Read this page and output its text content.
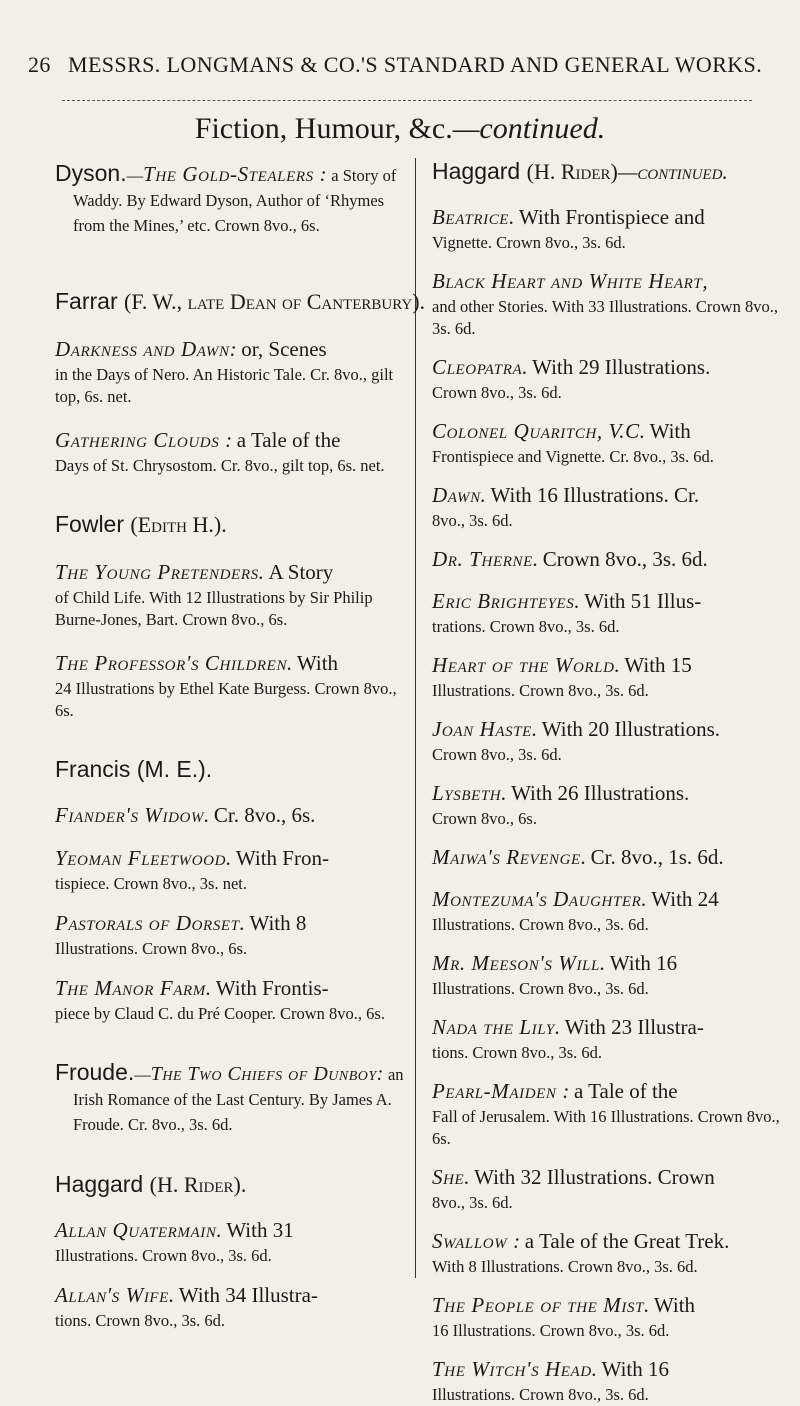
26 MESSRS. LONGMANS & CO.'S STANDARD AND GENERAL WORKS.
Fiction, Humour, &c.—continued.
Dyson.—The Gold-Stealers : a Story of Waddy. By Edward Dyson, Author of ‘Rhymes from the Mines,’ etc. Crown 8vo., 6s.
Farrar (F. W., late Dean of Canterbury).
Darkness and Dawn: or, Scenes
in the Days of Nero. An Historic Tale. Cr. 8vo., gilt top, 6s. net.
Gathering Clouds : a Tale of the
Days of St. Chrysostom. Cr. 8vo., gilt top, 6s. net.
Fowler (Edith H.).
The Young Pretenders. A Story
of Child Life. With 12 Illustrations by Sir Philip Burne-Jones, Bart. Crown 8vo., 6s.
The Professor's Children. With
24 Illustrations by Ethel Kate Burgess. Crown 8vo., 6s.
Francis (M. E.).
Fiander's Widow. Cr. 8vo., 6s.
Yeoman Fleetwood. With Fron-
tispiece. Crown 8vo., 3s. net.
Pastorals of Dorset. With 8
Illustrations. Crown 8vo., 6s.
The Manor Farm. With Frontis-
piece by Claud C. du Pré Cooper. Crown 8vo., 6s.
Froude.—The Two Chiefs of Dunboy: an Irish Romance of the Last Century. By James A. Froude. Cr. 8vo., 3s. 6d.
Haggard (H. Rider).
Allan Quatermain. With 31
Illustrations. Crown 8vo., 3s. 6d.
Allan's Wife. With 34 Illustra-
tions. Crown 8vo., 3s. 6d.
Haggard (H. Rider)—continued.
Beatrice. With Frontispiece and
Vignette. Crown 8vo., 3s. 6d.
Black Heart and White Heart,
and other Stories. With 33 Illustrations. Crown 8vo., 3s. 6d.
Cleopatra. With 29 Illustrations.
Crown 8vo., 3s. 6d.
Colonel Quaritch, V.C. With
Frontispiece and Vignette. Cr. 8vo., 3s. 6d.
Dawn. With 16 Illustrations. Cr.
8vo., 3s. 6d.
Dr. Therne. Crown 8vo., 3s. 6d.
Eric Brighteyes. With 51 Illus-
trations. Crown 8vo., 3s. 6d.
Heart of the World. With 15
Illustrations. Crown 8vo., 3s. 6d.
Joan Haste. With 20 Illustrations.
Crown 8vo., 3s. 6d.
Lysbeth. With 26 Illustrations.
Crown 8vo., 6s.
Maiwa's Revenge. Cr. 8vo., 1s. 6d.
Montezuma's Daughter. With 24
Illustrations. Crown 8vo., 3s. 6d.
Mr. Meeson's Will. With 16
Illustrations. Crown 8vo., 3s. 6d.
Nada the Lily. With 23 Illustra-
tions. Crown 8vo., 3s. 6d.
Pearl-Maiden : a Tale of the
Fall of Jerusalem. With 16 Illustrations. Crown 8vo., 6s.
She. With 32 Illustrations. Crown
8vo., 3s. 6d.
Swallow : a Tale of the Great Trek.
With 8 Illustrations. Crown 8vo., 3s. 6d.
The People of the Mist. With
16 Illustrations. Crown 8vo., 3s. 6d.
The Witch's Head. With 16
Illustrations. Crown 8vo., 3s. 6d.
